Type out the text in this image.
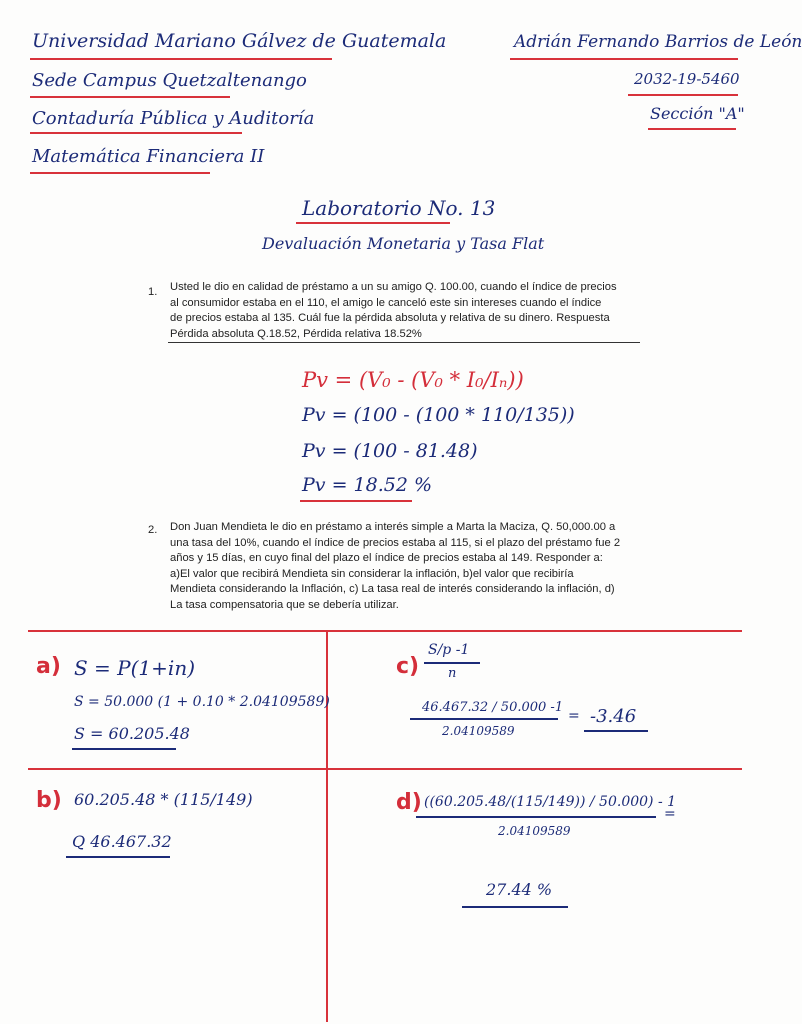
Universidad Mariano Gálvez de Guatemala
Sede Campus Quetzaltenango
Contaduría Pública y Auditoría
Matemática Financiera II
Adrián Fernando Barrios de León
2032-19-5460
Sección "A"
Laboratorio No. 13
Devaluación Monetaria y Tasa Flat
1. Usted le dio en calidad de préstamo a un su amigo Q. 100.00, cuando el índice de precios
al consumidor estaba en el 110, el amigo le canceló este sin intereses cuando el índice
de precios estaba al 135. Cuál fue la pérdida absoluta y relativa de su dinero. Respuesta
Pérdida absoluta Q.18.52, Pérdida relativa 18.52%
Pv = (V₀ - (V₀ * I₀/Iₙ))
Pv = (100 - (100 * 110/135))
Pv = (100 - 81.48)
Pv = 18.52 %
2. Don Juan Mendieta le dio en préstamo a interés simple a Marta la Maciza, Q. 50,000.00 a
una tasa del 10%, cuando el índice de precios estaba al 115, si el plazo del préstamo fue 2
años y 15 días, en cuyo final del plazo el índice de precios estaba al 149. Responder a:
a)El valor que recibirá Mendieta sin considerar la inflación, b)el valor que recibiría
Mendieta considerando la Inflación, c) La tasa real de interés considerando la inflación, d)
La tasa compensatoria que se debería utilizar.
a) S = P(1+in)
S = 50.000 (1 + 0.10 * 2.04109589)
S = 60.205.48
b) 60.205.48 * (115/149)
Q 46.467.32
c)
S/p -1
n
46.467.32 / 50.000 -1
2.04109589
= -3.46
d) ((60.205.48/(115/149)) / 50.000) - 1
2.04109589
=
27.44 %
